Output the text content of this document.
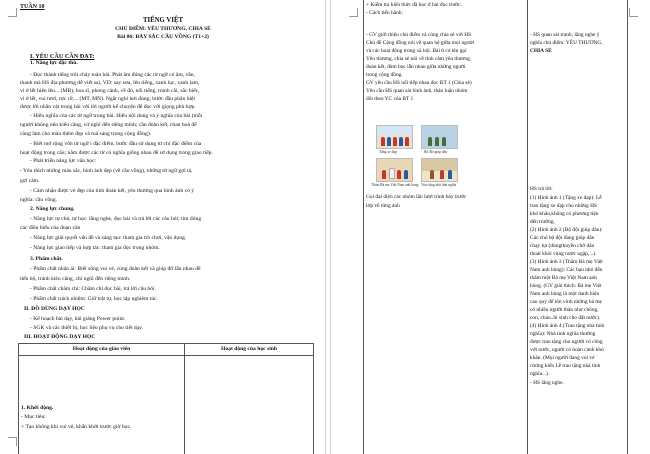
TUẦN 10
TIẾNG VIỆT
CHỦ ĐIỂM: YÊU THƯƠNG, CHIA SẺ
Bài 06: BẢY SẮC CẦU VỒNG (T1+2)
I. YÊU CẦU CẦN ĐẠT:
1. Năng lực đặc thù.
- Đọc thành tiếng trôi chảy toàn bài. Phát âm đúng các từ ngữ có âm, vần,
thanh mà HS địa phương dễ viết sai, VD: say sưa, lên tiếng, xanh lục, xanh lam,
vì ở lết hiện lên... (MB), hoa sĩ, phong cảnh, về đó, nối tiếng, tranh cãi, sắc biếc,
vì ở lết, vui tươi, rực rỡ,... (MT, MN). Ngắt nghỉ hơi đúng; bước đầu phân biệt
được lời nhân vật trong bài với lời người kể chuyện để đọc với giọng phù hợp.
- Hiểu nghĩa của các từ ngữ trong bài. Hiểu nội dung và ý nghĩa của bài (mỗi
người không nên kiêu căng, cứ nghĩ đến riêng mình; cần đoàn kết, chan hoà để
cùng làm cho màu thêm đẹp và toả sáng trong cộng đồng).
- Biết mở rộng vốn từ ngữ ì đặc điểm, bước đầu sử dụng từ chỉ đặc điểm của
hoạt động trong câu; nắm được các từ có nghĩa giống nhau để sử dụng trong giao tiếp.
- Phát triển năng lực văn học:
- Yêu thích những màu sắc, hình ảnh đẹp (về cầu vồng), những từ ngữ gợi tả,
gợi cảm.
- Cảm nhận được vẻ đẹp của tình đoàn kết, yêu thương qua hình ảnh có ý
nghĩa: cầu vồng.
2. Năng lực chung.
- Năng lực tự chủ, tự học: lắng nghe, đọc bài và trả lời các câu hỏi; tìm đúng
các điều hiểu của đoạn văn
- Năng lực giải quyết vấn đề và sáng tạo: tham gia trò chơi, vận dụng.
- Năng lực giao tiếp và hợp tác: tham gia đọc trong nhóm.
3. Phẩm chất.
- Phẩm chất nhân ái: Biết sống vui vẻ, cùng đoàn kết và giúp đỡ lẫn nhau để
tiến bộ, tránh kiêu căng, chỉ nghĩ đến riêng mình.
- Phẩm chất chăm chỉ: Chăm chỉ đọc bài, trả lời câu hỏi.
- Phẩm chất trách nhiệm: Giữ trật tự, học tập nghiêm túc.
II. ĐỒ DÙNG DẠY HỌC
- Kế hoạch bài dạy, bài giảng Power point.
- SGK và các thiết bị, học liệu phụ vụ cho tiết dạy.
III. HOẠT ĐỘNG DẠY HỌC
Hoạt động của giáo viên	Hoạt động của học sinh
1. Khởi động.
- Mục tiêu:
+ Tạo không khí vui vẻ, khấn khởi trước giờ học.
+ Kiểm tra kiến thức đã học ở bài đọc trước.
- Cách tiến hành:
- GV giới thiệu chủ điểm và cùng chia sẻ với HS
Chủ đề Cộng đồng nói về quan hệ giữa mọi người
và các hoạt động trong xã hội. Bài 6 có tên gọi
Yêu thương, chia sẻ nói về tình cảm yêu thương,
đoàn kết, đùm bọc lẫn nhau giữa những người
trong cộng đồng.
GV yêu cầu HS nối tiếp nhau đọc BT 1 (Chia sẻ)
Yêu cầu HS quan sát hình ảnh, thảo luận nhóm
đôi theo YC của BT 1
Tặng xe đạp	Bộ đội giúp dân
Thăm Bà mẹ Việt Nam anh hùng Trao tặng nhà tình nghĩa
Gọi đại diện các nhóm lần lượt trình bày trước
lớp về từng ảnh
- HS quan sát tranh, lắng nghe ý
nghĩa chủ điểm: YÊU THƯƠNG,
CHIA SẺ
HS trả lời:
(1) Hình ảnh 1 (Tặng xe đạp): Lễ
trao tặng xe đạp cho những HS
khó khăn,không có phương tiện
đến trường.
(2) Hình ảnh 2 (Bộ đội giúp dân):
Các chú bộ đội đang giúp dân
chạy lụt (dùngthuyền chở dân
thoát khỏi vùng nước ngập,...).
(3) Hình ảnh 3 (Thăm Bà mẹ Việt
Nam anh hùng): Các bạn nhỏ đến
thăm một Bà mẹ Việt Nam anh
hùng. (GV giải thích: Bà mẹ Việt
Nam anh hùng là một danh hiệu
cao quý để tôn vinh những bà mẹ
có nhiều người thân như chồng,
con, cháu..hi sinh cho đất nước).
(4) Hình ảnh 4 (Trao tặng nhà tình
nghĩa): Nhà tình nghĩa thường
được trao tặng cho người có công
với nước, người có hoàn cảnh khó
khăn. (Mọi người đang vui vẻ
chứng kiến Lễ trao tặng nhà tình
nghĩa...).
- HS lắng nghe.
